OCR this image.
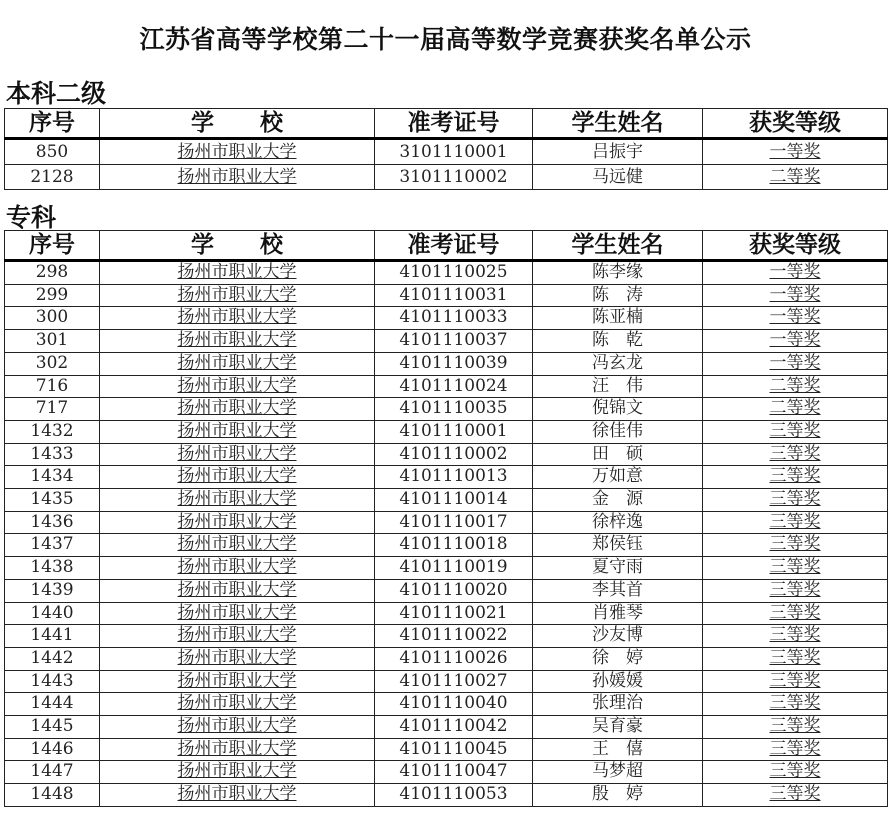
江苏省高等学校第二十一届高等数学竞赛获奖名单公示
本科二级
序号	学　　校	准考证号	学生姓名	获奖等级
850	扬州市职业大学	3101110001	吕振宇	一等奖
2128	扬州市职业大学	3101110002	马远健	二等奖
专科
序号	学　　校	准考证号	学生姓名	获奖等级
298	扬州市职业大学	4101110025	陈李缘	一等奖
299	扬州市职业大学	4101110031	陈　涛	一等奖
300	扬州市职业大学	4101110033	陈亚楠	一等奖
301	扬州市职业大学	4101110037	陈　乾	一等奖
302	扬州市职业大学	4101110039	冯玄龙	一等奖
716	扬州市职业大学	4101110024	汪　伟	二等奖
717	扬州市职业大学	4101110035	倪锦文	二等奖
1432	扬州市职业大学	4101110001	徐佳伟	三等奖
1433	扬州市职业大学	4101110002	田　硕	三等奖
1434	扬州市职业大学	4101110013	万如意	三等奖
1435	扬州市职业大学	4101110014	金　源	三等奖
1436	扬州市职业大学	4101110017	徐梓逸	三等奖
1437	扬州市职业大学	4101110018	郑侯钰	三等奖
1438	扬州市职业大学	4101110019	夏守雨	三等奖
1439	扬州市职业大学	4101110020	李其首	三等奖
1440	扬州市职业大学	4101110021	肖雅琴	三等奖
1441	扬州市职业大学	4101110022	沙友博	三等奖
1442	扬州市职业大学	4101110026	徐　婷	三等奖
1443	扬州市职业大学	4101110027	孙媛媛	三等奖
1444	扬州市职业大学	4101110040	张理治	三等奖
1445	扬州市职业大学	4101110042	吴育豪	三等奖
1446	扬州市职业大学	4101110045	王　僖	三等奖
1447	扬州市职业大学	4101110047	马梦超	三等奖
1448	扬州市职业大学	4101110053	殷　婷	三等奖
